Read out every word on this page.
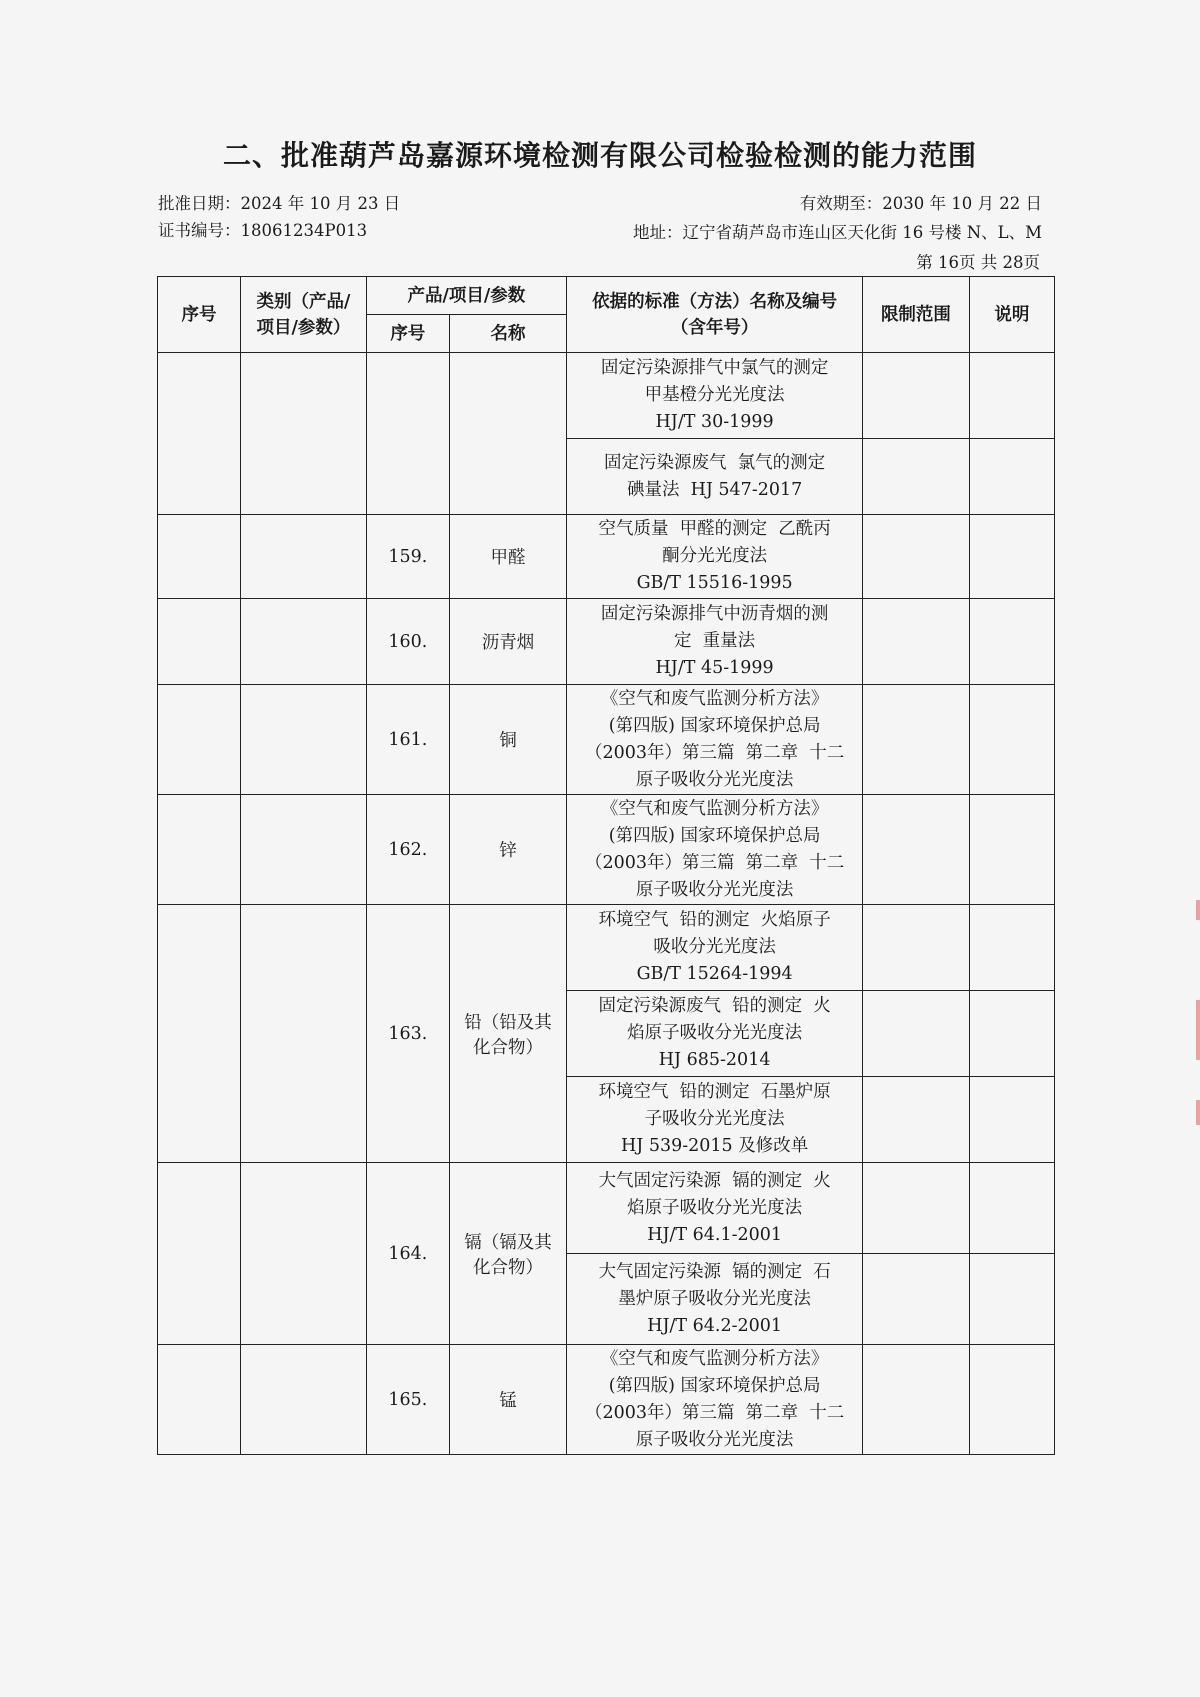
二、批准葫芦岛嘉源环境检测有限公司检验检测的能力范围
批准日期：2024 年 10 月 23 日	有效期至：2030 年 10 月 22 日
证书编号：18061234P013	地址：辽宁省葫芦岛市连山区天化街 16 号楼 N、L、M
第 16页 共 28页
序号	类别（产品/项目/参数）	产品/项目/参数		依据的标准（方法）名称及编号（含年号）	限制范围	说明
		序号	名称			

				固定污染源排气中氯气的测定
甲基橙分光光度法
HJ/T 30-1999		

				固定污染源废气  氯气的测定
碘量法  HJ 547-2017		

		159.	甲醛	空气质量  甲醛的测定  乙酰丙
酮分光光度法
GB/T 15516-1995		

		160.	沥青烟	固定污染源排气中沥青烟的测
定  重量法
HJ/T 45-1999		

		161.	铜	《空气和废气监测分析方法》
(第四版) 国家环境保护总局
（2003年）第三篇  第二章  十二
原子吸收分光光度法		

		162.	锌	《空气和废气监测分析方法》
(第四版) 国家环境保护总局
（2003年）第三篇  第二章  十二
原子吸收分光光度法		

		163.	铅（铅及其化合物）	环境空气  铅的测定  火焰原子
吸收分光光度法
GB/T 15264-1994		

				固定污染源废气  铅的测定  火
焰原子吸收分光光度法
HJ 685-2014		

				环境空气  铅的测定  石墨炉原
子吸收分光光度法
HJ 539-2015 及修改单		

		164.	镉（镉及其化合物）	大气固定污染源  镉的测定  火
焰原子吸收分光光度法
HJ/T 64.1-2001		

				大气固定污染源  镉的测定  石
墨炉原子吸收分光光度法
HJ/T 64.2-2001		

		165.	锰	《空气和废气监测分析方法》
(第四版) 国家环境保护总局
（2003年）第三篇  第二章  十二
原子吸收分光光度法		
